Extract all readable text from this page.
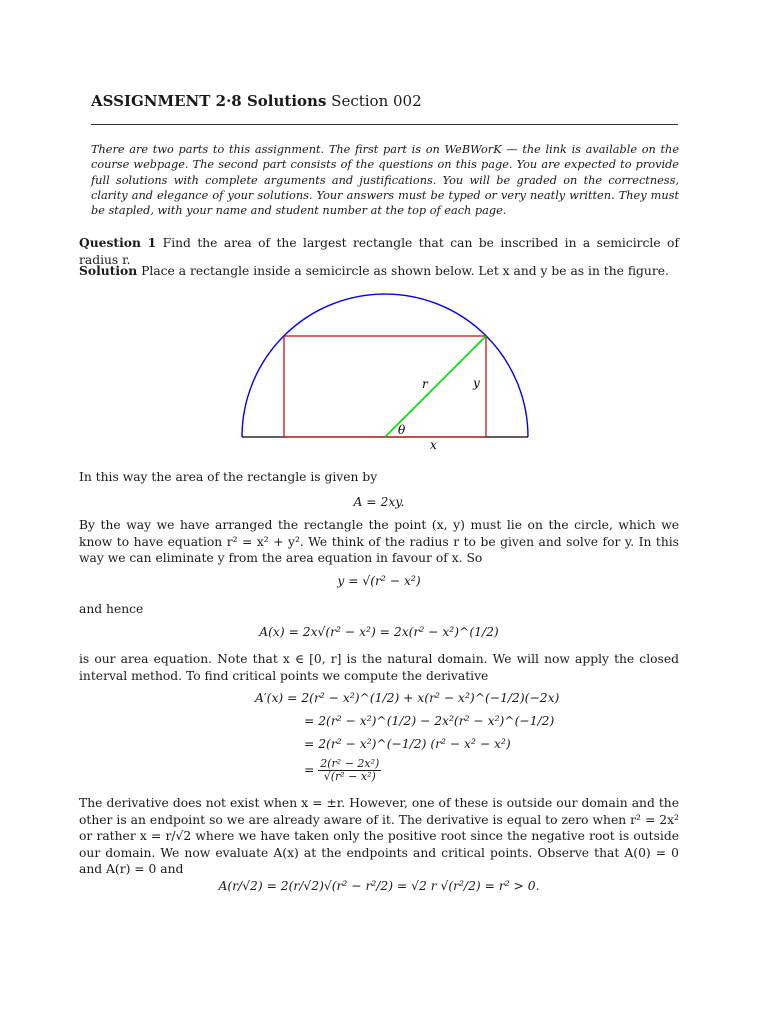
ASSIGNMENT 2·8 Solutions Section 002
There are two parts to this assignment. The first part is on WeBWorK — the link is available on the course webpage. The second part consists of the questions on this page. You are expected to provide full solutions with complete arguments and justifications. You will be graded on the correctness, clarity and elegance of your solutions. Your answers must be typed or very neatly written. They must be stapled, with your name and student number at the top of each page.
Question 1 Find the area of the largest rectangle that can be inscribed in a semicircle of radius r.
Solution Place a rectangle inside a semicircle as shown below. Let x and y be as in the figure.
r	y
θ
x
In this way the area of the rectangle is given by
A = 2xy.
By the way we have arranged the rectangle the point (x, y) must lie on the circle, which we know to have equation r² = x² + y². We think of the radius r to be given and solve for y. In this way we can eliminate y from the area equation in favour of x. So
y = √(r² − x²)
and hence
A(x) = 2x√(r² − x²) = 2x(r² − x²)^(1/2)
is our area equation. Note that x ∈ [0, r] is the natural domain. We will now apply the closed interval method. To find critical points we compute the derivative
A′(x) = 2(r² − x²)^(1/2) + x(r² − x²)^(−1/2)(−2x)
= 2(r² − x²)^(1/2) − 2x²(r² − x²)^(−1/2)
= 2(r² − x²)^(−1/2) (r² − x² − x²)
= $\frac{\text{2(r² − 2x²)}}{\text{√(r² − x²)}}$
The derivative does not exist when x = ±r. However, one of these is outside our domain and the other is an endpoint so we are already aware of it. The derivative is equal to zero when r² = 2x² or rather x = r/√2 where we have taken only the positive root since the negative root is outside our domain. We now evaluate A(x) at the endpoints and critical points. Observe that A(0) = 0 and A(r) = 0 and
A(r/√2) = 2(r/√2)√(r² − r²/2) = √2 r √(r²/2) = r² > 0.
